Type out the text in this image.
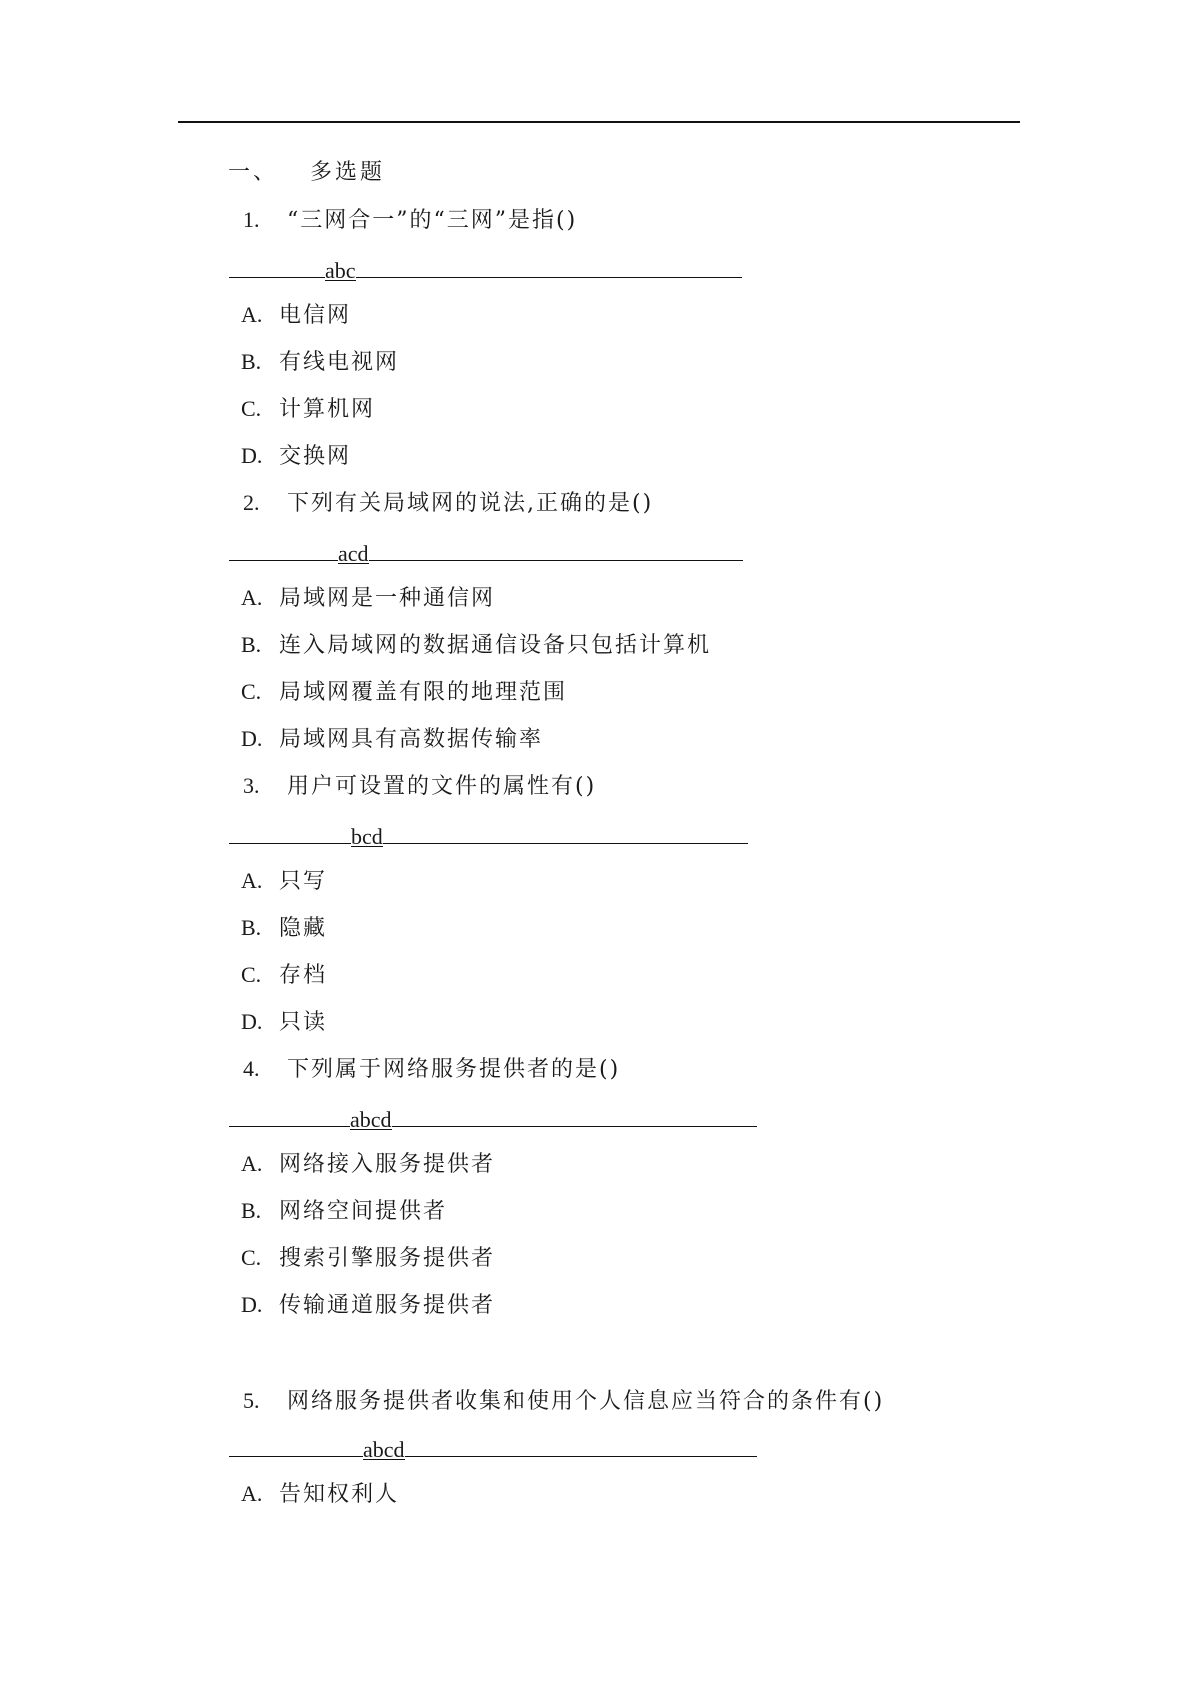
一、 多选题
1. “三网合一”的“三网”是指()
abc
A. 电信网
B. 有线电视网
C. 计算机网
D. 交换网
2. 下列有关局域网的说法,正确的是()
acd
A. 局域网是一种通信网
B. 连入局域网的数据通信设备只包括计算机
C. 局域网覆盖有限的地理范围
D. 局域网具有高数据传输率
3. 用户可设置的文件的属性有()
bcd
A. 只写
B. 隐藏
C. 存档
D. 只读
4. 下列属于网络服务提供者的是()
abcd
A. 网络接入服务提供者
B. 网络空间提供者
C. 搜索引擎服务提供者
D. 传输通道服务提供者
5. 网络服务提供者收集和使用个人信息应当符合的条件有()
abcd
A. 告知权利人
